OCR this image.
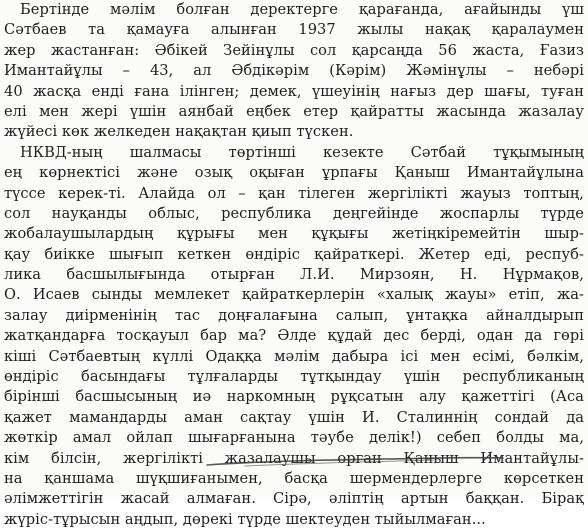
Бертінде мәлім болған деректерге қарағанда, ағайынды үш
Сәтбаев та қамауға алынған 1937 жылы нақақ қаралаумен
жер жастанған: Әбікей Зейінұлы сол қарсаңда 56 жаста, Ғазиз
Имантайұлы – 43, ал Әбдікәрім (Кәрім) Жәмінұлы – небәрі
40 жасқа енді ғана ілінген; демек, үшеуінің нағыз дер шағы, туған
елі мен жері үшін аянбай еңбек етер қайратты жасында жазалау
жүйесі көк желкеден нақақтан қиып түскен.

НКВД-ның шалмасы төртінші кезекте Сәтбай тұқымының
ең көрнектісі және озық оқыған ұрпағы Қаныш Имантайұлына
түссе керек-ті. Алайда ол – қан тілеген жергілікті жауыз топтың,
сол науқанды облыс, республика деңгейінде жоспарлы түрде
жобалаушылардың құрығы мен құқығы жетіңкіремейтін шыр-
қау биікке шығып кеткен өндіріс қайраткері. Жетер еді, респуб-
лика басшылығында отырған Л.И. Мирзоян, Н. Нұрмақов,
О. Исаев сынды мемлекет қайраткерлерін «халық жауы» етіп, жа-
залау диірменінің тас доңғалағына салып, ұнтақка айналдырып
жатқандарға тосқауыл бар ма? Әлде құдай дес берді, одан да гөрі
кіші Сәтбаевтың күллі Одаққа мәлім дабыра ісі мен есімі, бәлкім,
өндіріс басындағы тұлғаларды тұтқындау үшін республиканың
бірінші басшысының иә наркомның рұқсатын алу қажеттігі (Аса
қажет мамандарды аман сақтау үшін И. Сталиннің сондай да
жөткір амал ойлап шығарғанына тәубе делік!) себеп болды ма,
кім білсін, жергілікті жазалаушы орган Қаныш Имантайұлы-
на қаншама шүқшиғанымен, басқа шермендерлерге көрсеткен
әлімжеттігін жасай алмаған. Сірә, әліптің артын баққан. Бірақ
жүріс-тұрысын аңдып, дөрекі түрде шектеуден тыйылмаған...
